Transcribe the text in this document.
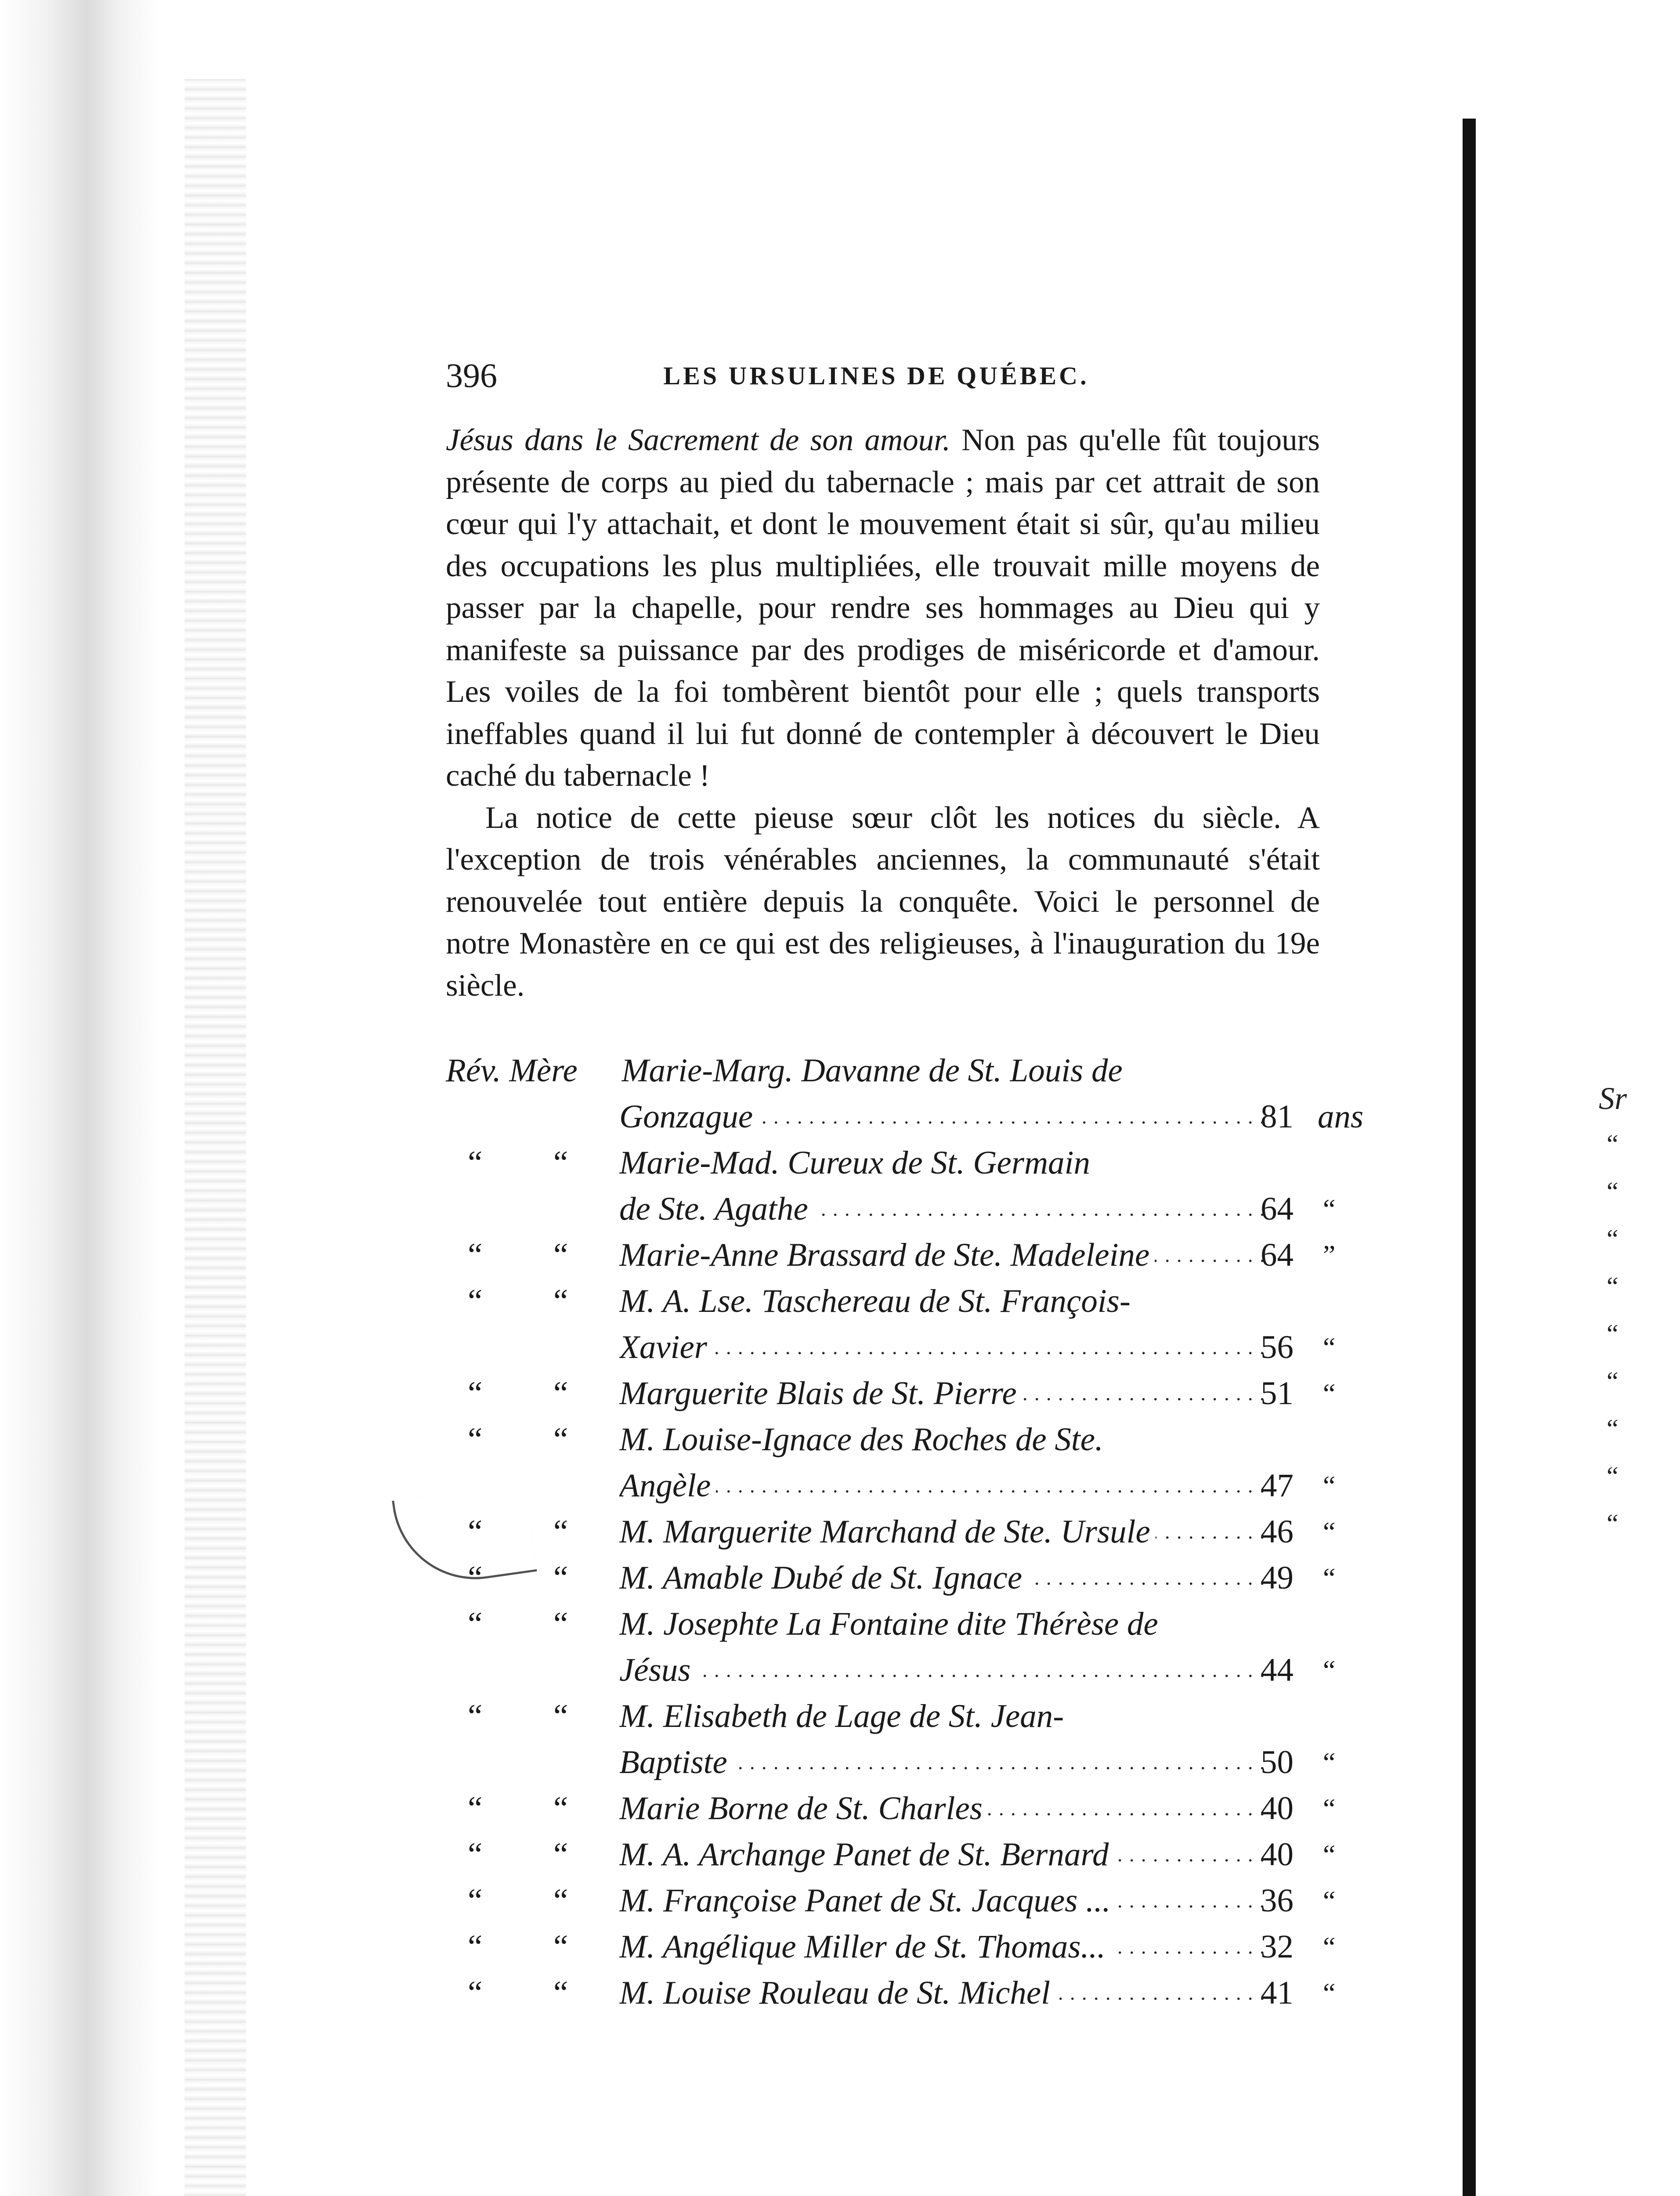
Sr
“
“
“
“
“
“
“
“
“
396	LES URSULINES DE QUÉBEC.

Jésus dans le Sacrement de son amour. Non pas qu'elle fût toujours présente de corps au pied du tabernacle ; mais par cet attrait de son cœur qui l'y attachait, et dont le mouvement était si sûr, qu'au milieu des occupations les plus multipliées, elle trouvait mille moyens de passer par la chapelle, pour rendre ses hommages au Dieu qui y manifeste sa puissance par des prodiges de miséricorde et d'amour. Les voiles de la foi tombèrent bientôt pour elle ; quels transports ineffables quand il lui fut donné de contempler à découvert le Dieu caché du tabernacle !

La notice de cette pieuse sœur clôt les notices du siècle. A l'exception de trois vénérables anciennes, la communauté s'était renouvelée tout entière depuis la conquête. Voici le personnel de notre Monastère en ce qui est des religieuses, à l'inauguration du 19e siècle.

Rév. Mère	Marie-Marg. Davanne de St. Louis de
Gonzague . . .	81 ans
“ “ Marie-Mad. Cureux de St. Germain
de Ste. Agathe . . .	64 “
“ “ Marie-Anne Brassard de Ste. Madeleine . . .	64 ”
“ “ M. A. Lse. Taschereau de St. François-
Xavier . . .	56 “
“ “ Marguerite Blais de St. Pierre . . .	51 “
“ “ M. Louise-Ignace des Roches de Ste.
Angèle . . .	47 “
“ “ M. Marguerite Marchand de Ste. Ursule . . .	46 “
“ “ M. Amable Dubé de St. Ignace . . .	49 “
“ “ M. Josephte La Fontaine dite Thérèse de
Jésus . . .	44 “
“ “ M. Elisabeth de Lage de St. Jean-
Baptiste . . .	50 “
“ “ Marie Borne de St. Charles . . .	40 “
“ “ M. A. Archange Panet de St. Bernard . . .	40 “
“ “ M. Françoise Panet de St. Jacques ... . . .	36 “
“ “ M. Angélique Miller de St. Thomas... . . .	32 “
“ “ M. Louise Rouleau de St. Michel . . .	41 “
